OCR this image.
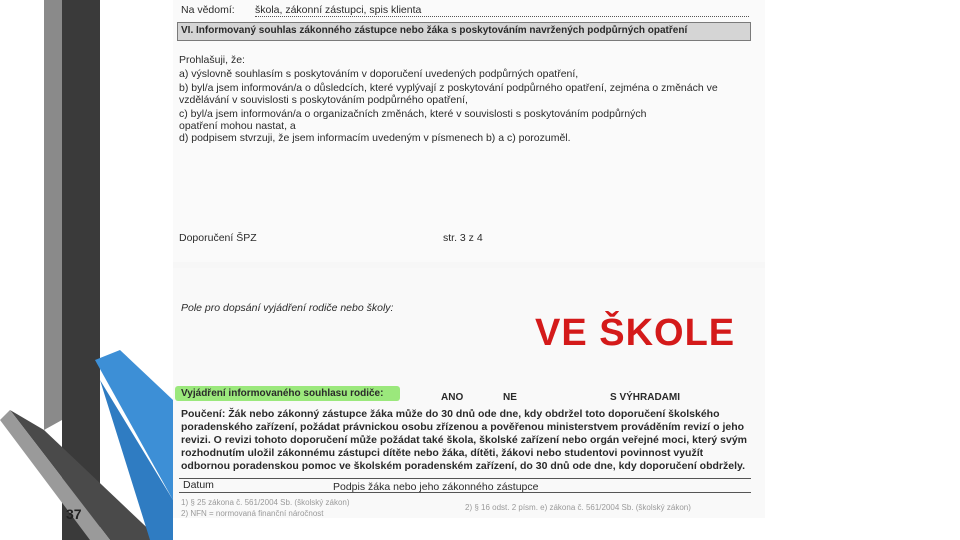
37
Na vědomí: škola, zákonní zástupci, spis klienta
VI. Informovaný souhlas zákonného zástupce nebo žáka s poskytováním navržených podpůrných opatření
Prohlašuji, že:
a) výslovně souhlasím s poskytováním v doporučení uvedených podpůrných opatření,
b) byl/a jsem informován/a o důsledcích, které vyplývají z poskytování podpůrného opatření, zejména o změnách ve
vzdělávání v souvislosti s poskytováním podpůrného opatření,
c) byl/a jsem informován/a o organizačních změnách, které v souvislosti s poskytováním podpůrných
opatření mohou nastat, a
d) podpisem stvrzuji, že jsem informacím uvedeným v písmenech b) a c) porozuměl.
Doporučení ŠPZ	str. 3 z 4
Pole pro dopsání vyjádření rodiče nebo školy:
VE ŠKOLE
Vyjádření informovaného souhlasu rodiče:	ANO	NE	S VÝHRADAMI
Poučení: Žák nebo zákonný zástupce žáka může do 30 dnů ode dne, kdy obdržel toto doporučení školského
poradenského zařízení, požádat právnickou osobu zřízenou a pověřenou ministerstvem prováděním revizí o jeho
revizi. O revizi tohoto doporučení může požádat také škola, školské zařízení nebo orgán veřejné moci, který svým
rozhodnutím uložil zákonnému zástupci dítěte nebo žáka, dítěti, žákovi nebo studentovi povinnost využít
odbornou poradenskou pomoc ve školském poradenském zařízení, do 30 dnů ode dne, kdy doporučení obdržely.
Datum	Podpis žáka nebo jeho zákonného zástupce
1) § 25 zákona č. 561/2004 Sb. (školský zákon)
2) NFN = normovaná finanční náročnost
2) § 16 odst. 2 písm. e) zákona č. 561/2004 Sb. (školský zákon)
